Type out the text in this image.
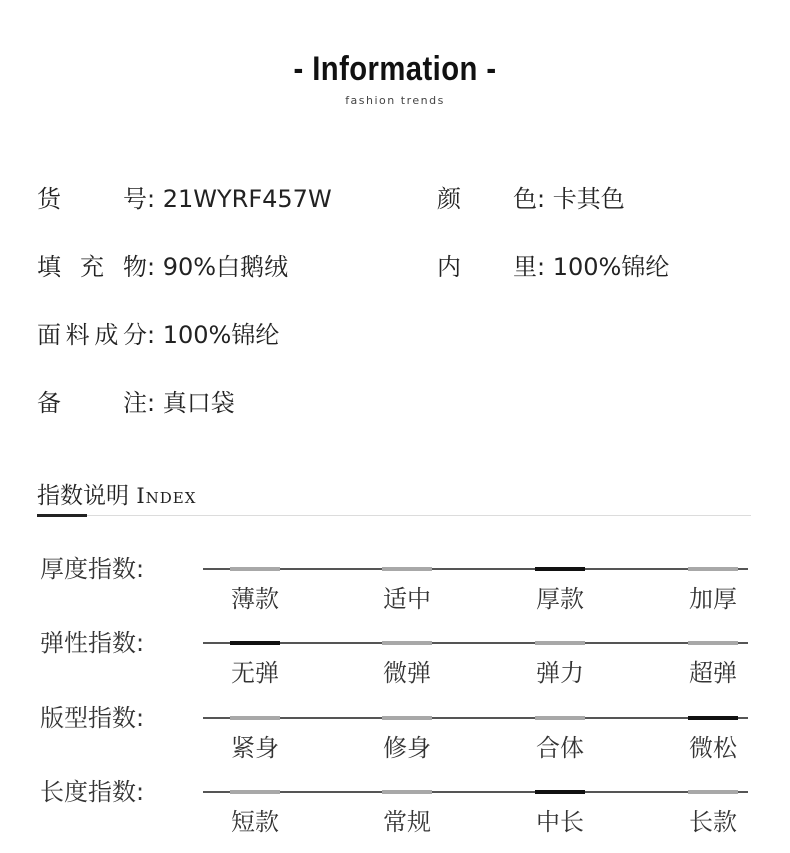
- Information -
fashion trends
货	号 : 21WYRF457W	颜 色 : 卡其色
填 充 物 : 90%白鹅绒	内 里 : 100%锦纶
面 料 成 分 : 100%锦纶
备	注 : 真口袋
指数说明 Index
厚度指数:
薄款	适中	厚款	加厚
弹性指数:
无弹	微弹	弹力	超弹
版型指数:
紧身	修身	合体	微松
长度指数:
短款	常规	中长	长款
